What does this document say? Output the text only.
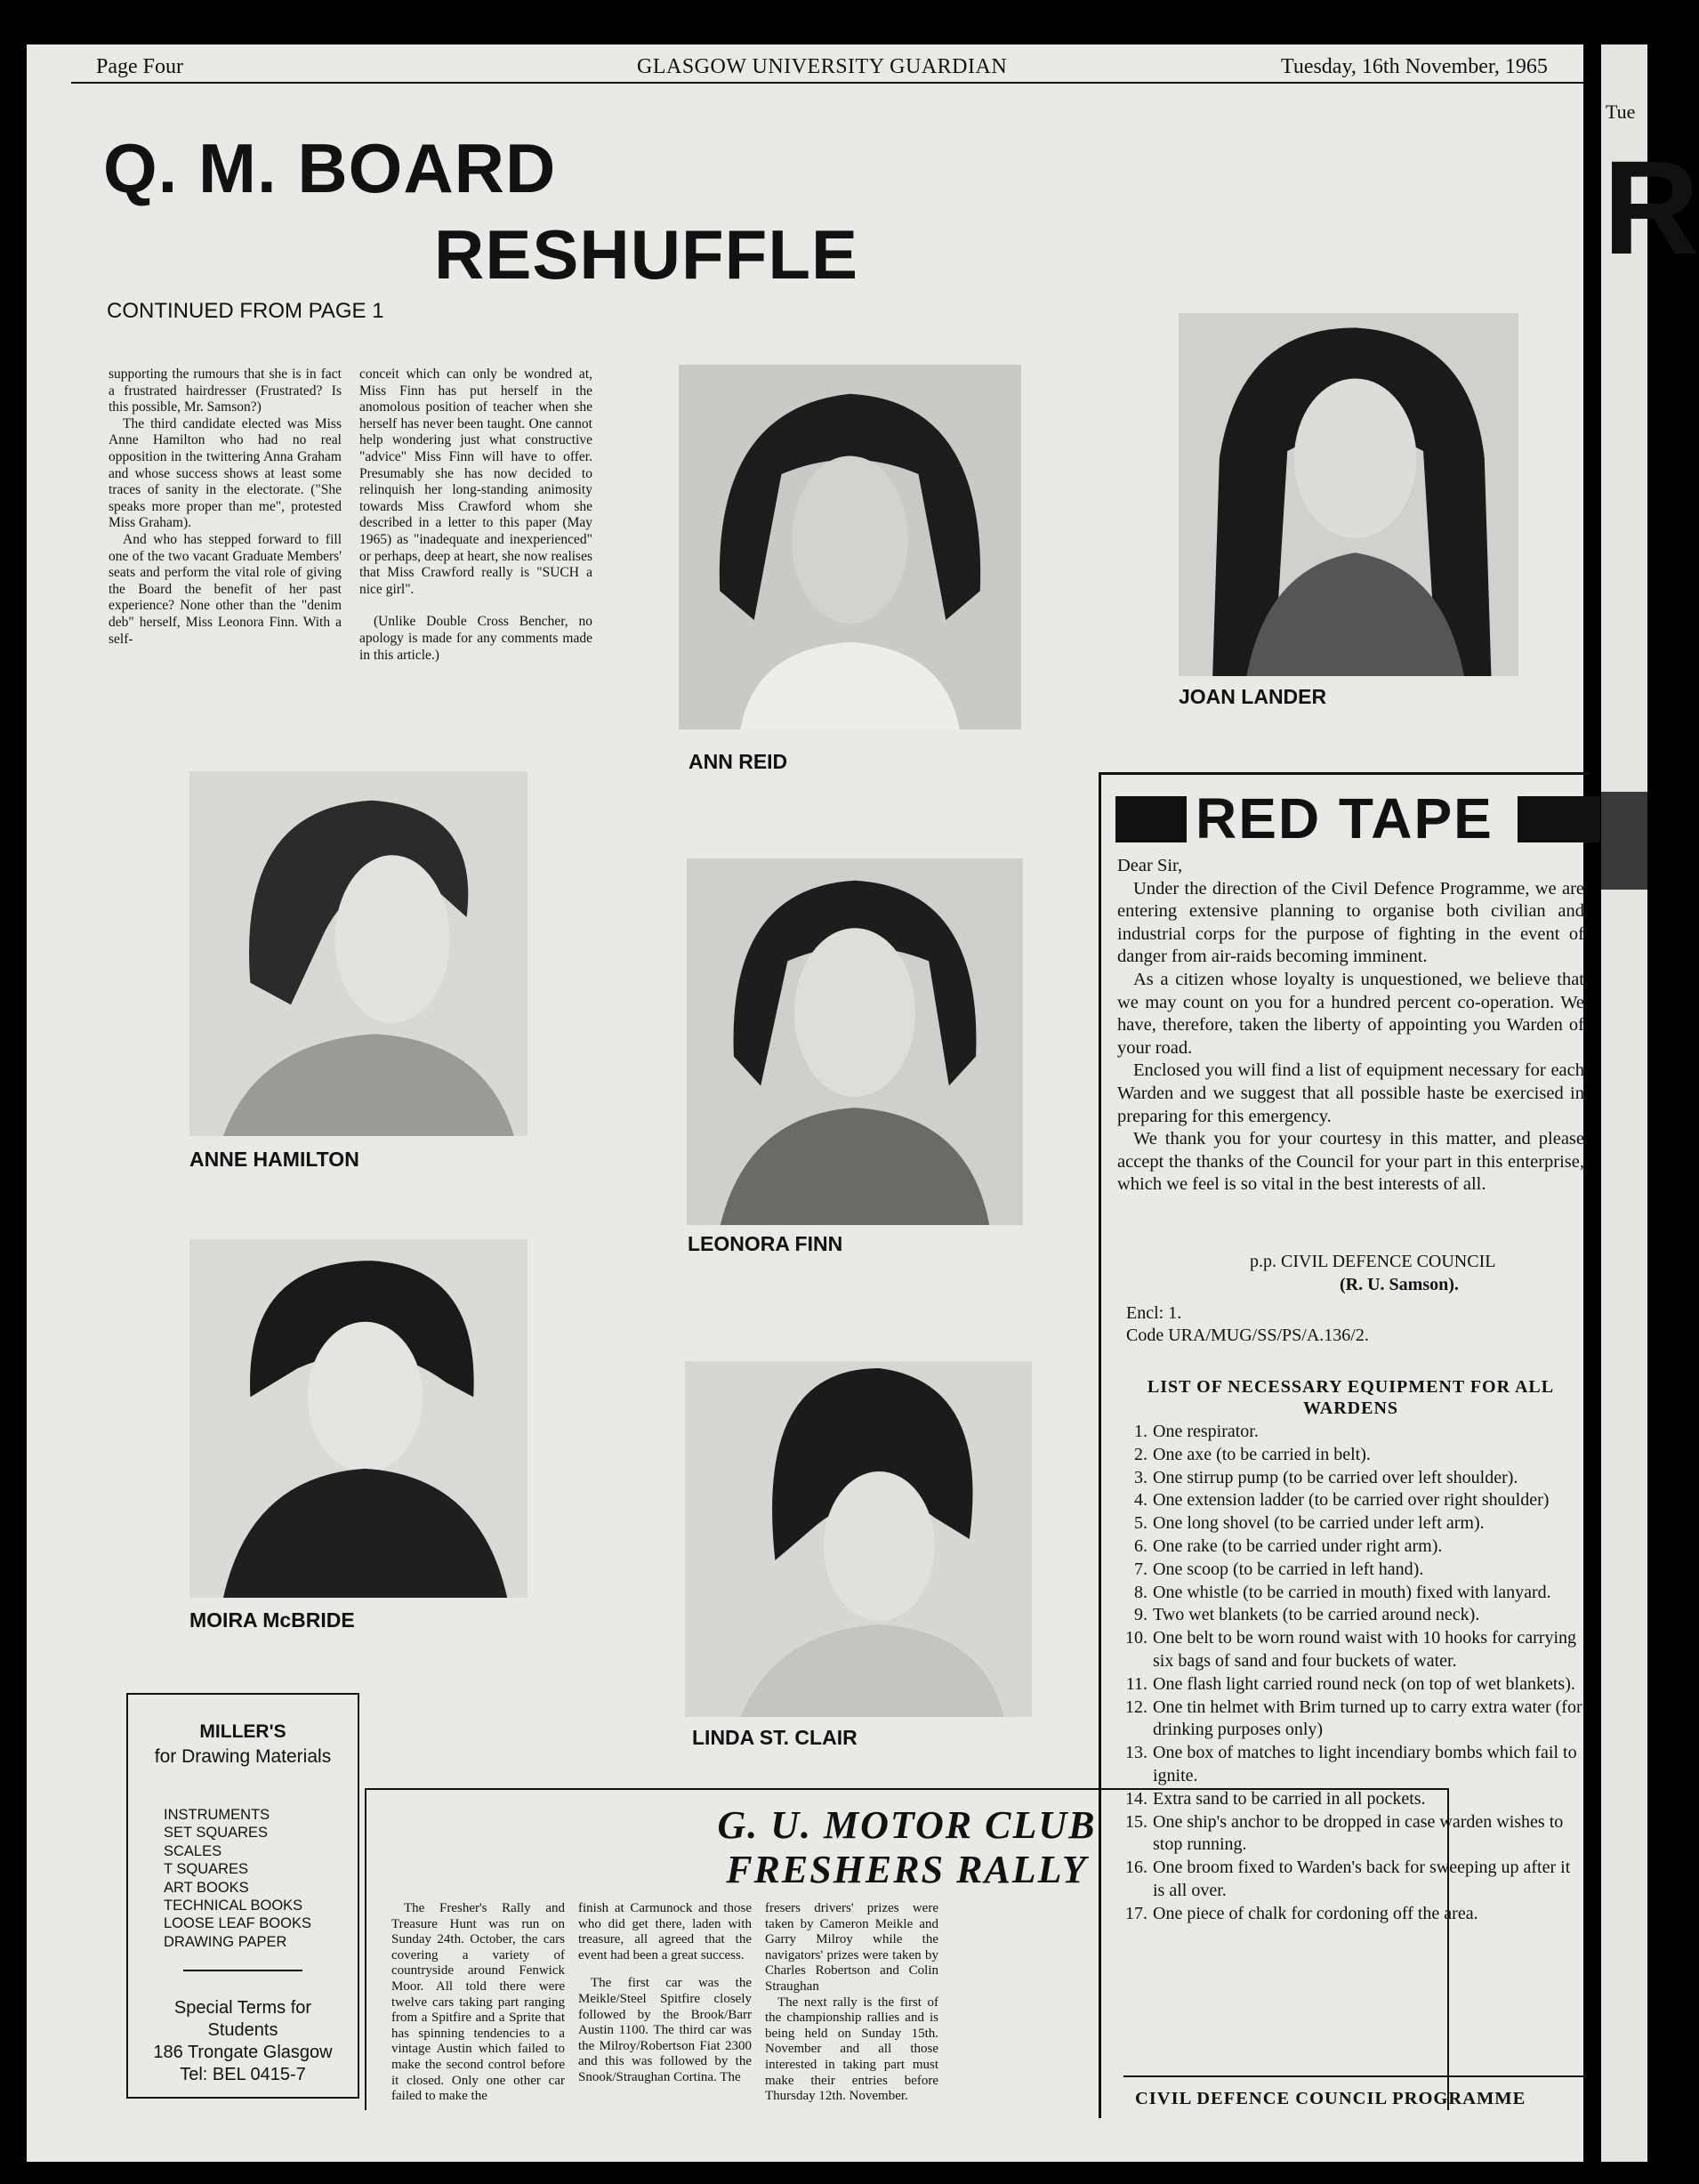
Tue
R
Page Four	GLASGOW UNIVERSITY GUARDIAN	Tuesday, 16th November, 1965
Q. M. BOARD
RESHUFFLE
CONTINUED FROM PAGE 1

supporting the rumours that she is in fact a frustrated hairdresser (Frustrated? Is this possible, Mr. Samson?)

The third candidate elected was Miss Anne Hamilton who had no real opposition in the twittering Anna Graham and whose success shows at least some traces of sanity in the electorate. ("She speaks more proper than me", protested Miss Graham).

And who has stepped forward to fill one of the two vacant Graduate Members' seats and perform the vital role of giving the Board the benefit of her past experience? None other than the "denim deb" herself, Miss Leonora Finn. With a self-

conceit which can only be wondred at, Miss Finn has put herself in the anomolous position of teacher when she herself has never been taught. One cannot help wondering just what constructive "advice" Miss Finn will have to offer. Presumably she has now decided to relinquish her long-standing animosity towards Miss Crawford whom she described in a letter to this paper (May 1965) as "inadequate and inexperienced" or perhaps, deep at heart, she now realises that Miss Crawford really is "SUCH a nice girl".

(Unlike Double Cross Bencher, no apology is made for any comments made in this article.)

ANN REID
JOAN LANDER
ANNE HAMILTON
LEONORA FINN
MOIRA McBRIDE
LINDA ST. CLAIR
RED TAPE

Dear Sir,

Under the direction of the Civil Defence Programme, we are entering extensive planning to organise both civilian and industrial corps for the purpose of fighting in the event of danger from air-raids becoming imminent.

As a citizen whose loyalty is unquestioned, we believe that we may count on you for a hundred percent co-operation. We have, therefore, taken the liberty of appointing you Warden of your road.

Enclosed you will find a list of equipment necessary for each Warden and we suggest that all possible haste be exercised in preparing for this emergency.

We thank you for your courtesy in this matter, and please accept the thanks of the Council for your part in this enterprise, which we feel is so vital in the best interests of all.

p.p. CIVIL DEFENCE COUNCIL
(R. U. Samson).
Encl: 1.
Code URA/MUG/SS/PS/A.136/2.
LIST OF NECESSARY EQUIPMENT FOR ALL WARDENS
1. One respirator.
2. One axe (to be carried in belt).
3. One stirrup pump (to be carried over left shoulder).
4. One extension ladder (to be carried over right shoulder)
5. One long shovel (to be carried under left arm).
6. One rake (to be carried under right arm).
7. One scoop (to be carried in left hand).
8. One whistle (to be carried in mouth) fixed with lanyard.
9. Two wet blankets (to be carried around neck).
10. One belt to be worn round waist with 10 hooks for carrying six bags of sand and four buckets of water.
11. One flash light carried round neck (on top of wet blankets).
12. One tin helmet with Brim turned up to carry extra water (for drinking purposes only)
13. One box of matches to light incendiary bombs which fail to ignite.
14. Extra sand to be carried in all pockets.
15. One ship's anchor to be dropped in case warden wishes to stop running.
16. One broom fixed to Warden's back for sweeping up after it is all over.
17. One piece of chalk for cordoning off the area.
CIVIL DEFENCE COUNCIL PROGRAMME
MILLER'S
for Drawing Materials
INSTRUMENTS
SET SQUARES
SCALES
T SQUARES
ART BOOKS
TECHNICAL BOOKS
LOOSE LEAF BOOKS
DRAWING PAPER
Special Terms for
Students
186 Trongate Glasgow
Tel: BEL 0415-7
G. U. MOTOR CLUB
FRESHERS RALLY

The Fresher's Rally and Treasure Hunt was run on Sunday 24th. October, the cars covering a variety of countryside around Fenwick Moor. All told there were twelve cars taking part ranging from a Spitfire and a Sprite that has spinning tendencies to a vintage Austin which failed to make the second control before it closed. Only one other car failed to make the

finish at Carmunock and those who did get there, laden with treasure, all agreed that the event had been a great success.

The first car was the Meikle/Steel Spitfire closely followed by the Brook/Barr Austin 1100. The third car was the Milroy/Robertson Fiat 2300 and this was followed by the Snook/Straughan Cortina. The

fresers drivers' prizes were taken by Cameron Meikle and Garry Milroy while the navigators' prizes were taken by Charles Robertson and Colin Straughan

The next rally is the first of the championship rallies and is being held on Sunday 15th. November and all those interested in taking part must make their entries before Thursday 12th. November.
